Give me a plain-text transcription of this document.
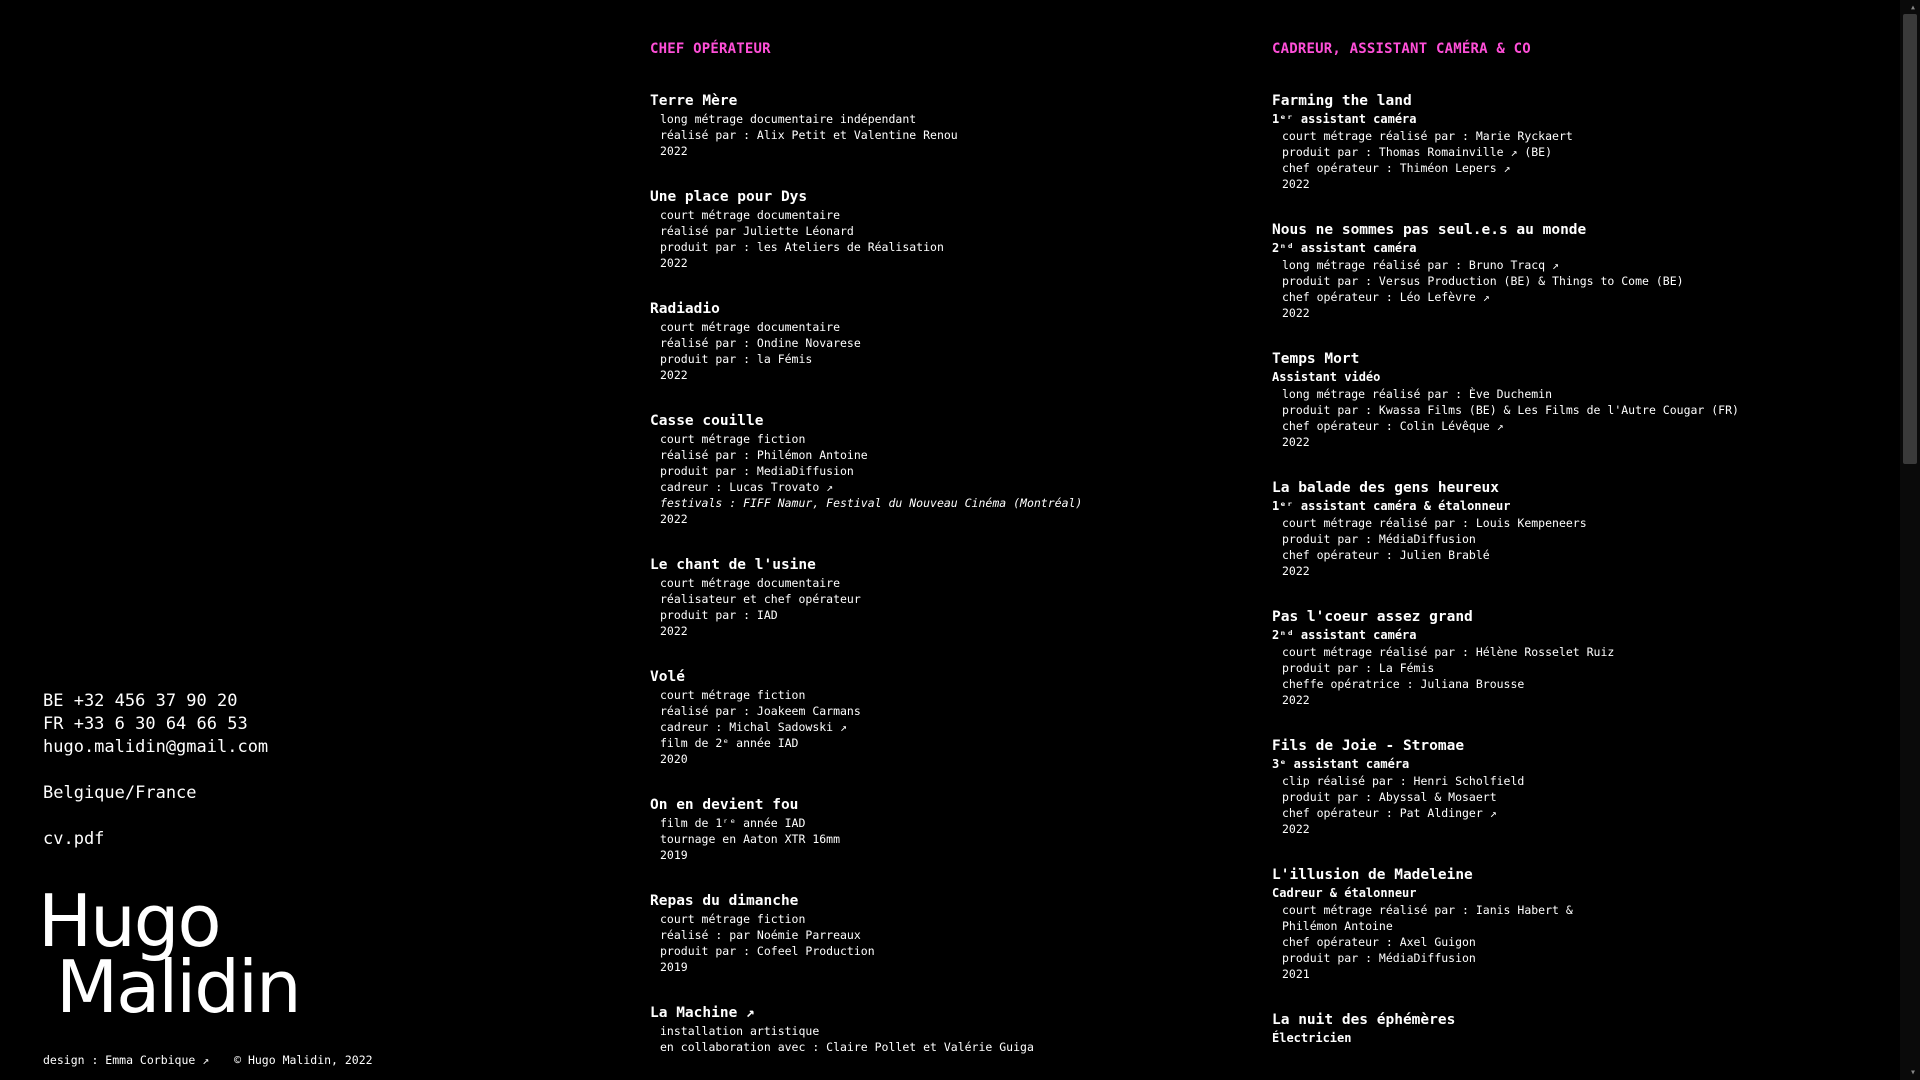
CHEF OPÉRATEUR
Terre Mère
long métrage documentaire indépendant
réalisé par : Alix Petit et Valentine Renou
2022
Une place pour Dys
court métrage documentaire
réalisé par Juliette Léonard
produit par : les Ateliers de Réalisation
2022
Radiadio
court métrage documentaire
réalisé par : Ondine Novarese
produit par : la Fémis
2022
Casse couille
court métrage fiction
réalisé par : Philémon Antoine
produit par : MediaDiffusion
cadreur : Lucas Trovato ↗
festivals : FIFF Namur, Festival du Nouveau Cinéma (Montréal)
2022
Le chant de l'usine
court métrage documentaire
réalisateur et chef opérateur
produit par : IAD
2022
Volé
court métrage fiction
réalisé par : Joakeem Carmans
cadreur : Michal Sadowski ↗
film de 2ᵉ année IAD
2020
On en devient fou
film de 1ʳᵉ année IAD
tournage en Aaton XTR 16mm
2019
Repas du dimanche
court métrage fiction
réalisé : par Noémie Parreaux
produit par : Cofeel Production
2019
La Machine ↗
installation artistique
en collaboration avec : Claire Pollet et Valérie Guiga
CADREUR, ASSISTANT CAMÉRA & CO
Farming the land
1ᵉʳ assistant caméra
court métrage réalisé par : Marie Ryckaert
produit par : Thomas Romainville ↗ (BE)
chef opérateur : Thiméon Lepers ↗
2022
Nous ne sommes pas seul.e.s au monde
2ⁿᵈ assistant caméra
long métrage réalisé par : Bruno Tracq ↗
produit par : Versus Production (BE) & Things to Come (BE)
chef opérateur : Léo Lefèvre ↗
2022
Temps Mort
Assistant vidéo
long métrage réalisé par : Ève Duchemin
produit par : Kwassa Films (BE) & Les Films de l'Autre Cougar (FR)
chef opérateur : Colin Lévêque ↗
2022
La balade des gens heureux
1ᵉʳ assistant caméra & étalonneur
court métrage réalisé par : Louis Kempeneers
produit par : MédiaDiffusion
chef opérateur : Julien Brablé
2022
Pas l'coeur assez grand
2ⁿᵈ assistant caméra
court métrage réalisé par : Hélène Rosselet Ruiz
produit par : La Fémis
cheffe opératrice : Juliana Brousse
2022
Fils de Joie - Stromae
3ᵉ assistant caméra
clip réalisé par : Henri Scholfield
produit par : Abyssal & Mosaert
chef opérateur : Pat Aldinger ↗
2022
L'illusion de Madeleine
Cadreur & étalonneur
court métrage réalisé par : Ianis Habert &
Philémon Antoine
chef opérateur : Axel Guigon
produit par : MédiaDiffusion
2021
La nuit des éphémères
Électricien
BE +32 456 37 90 20
FR +33 6 30 64 66 53
hugo.malidin@gmail.com
Belgique/France
cv.pdf
Hugo
Malidin
design : Emma Corbique ↗ © Hugo Malidin, 2022
▴
▾
